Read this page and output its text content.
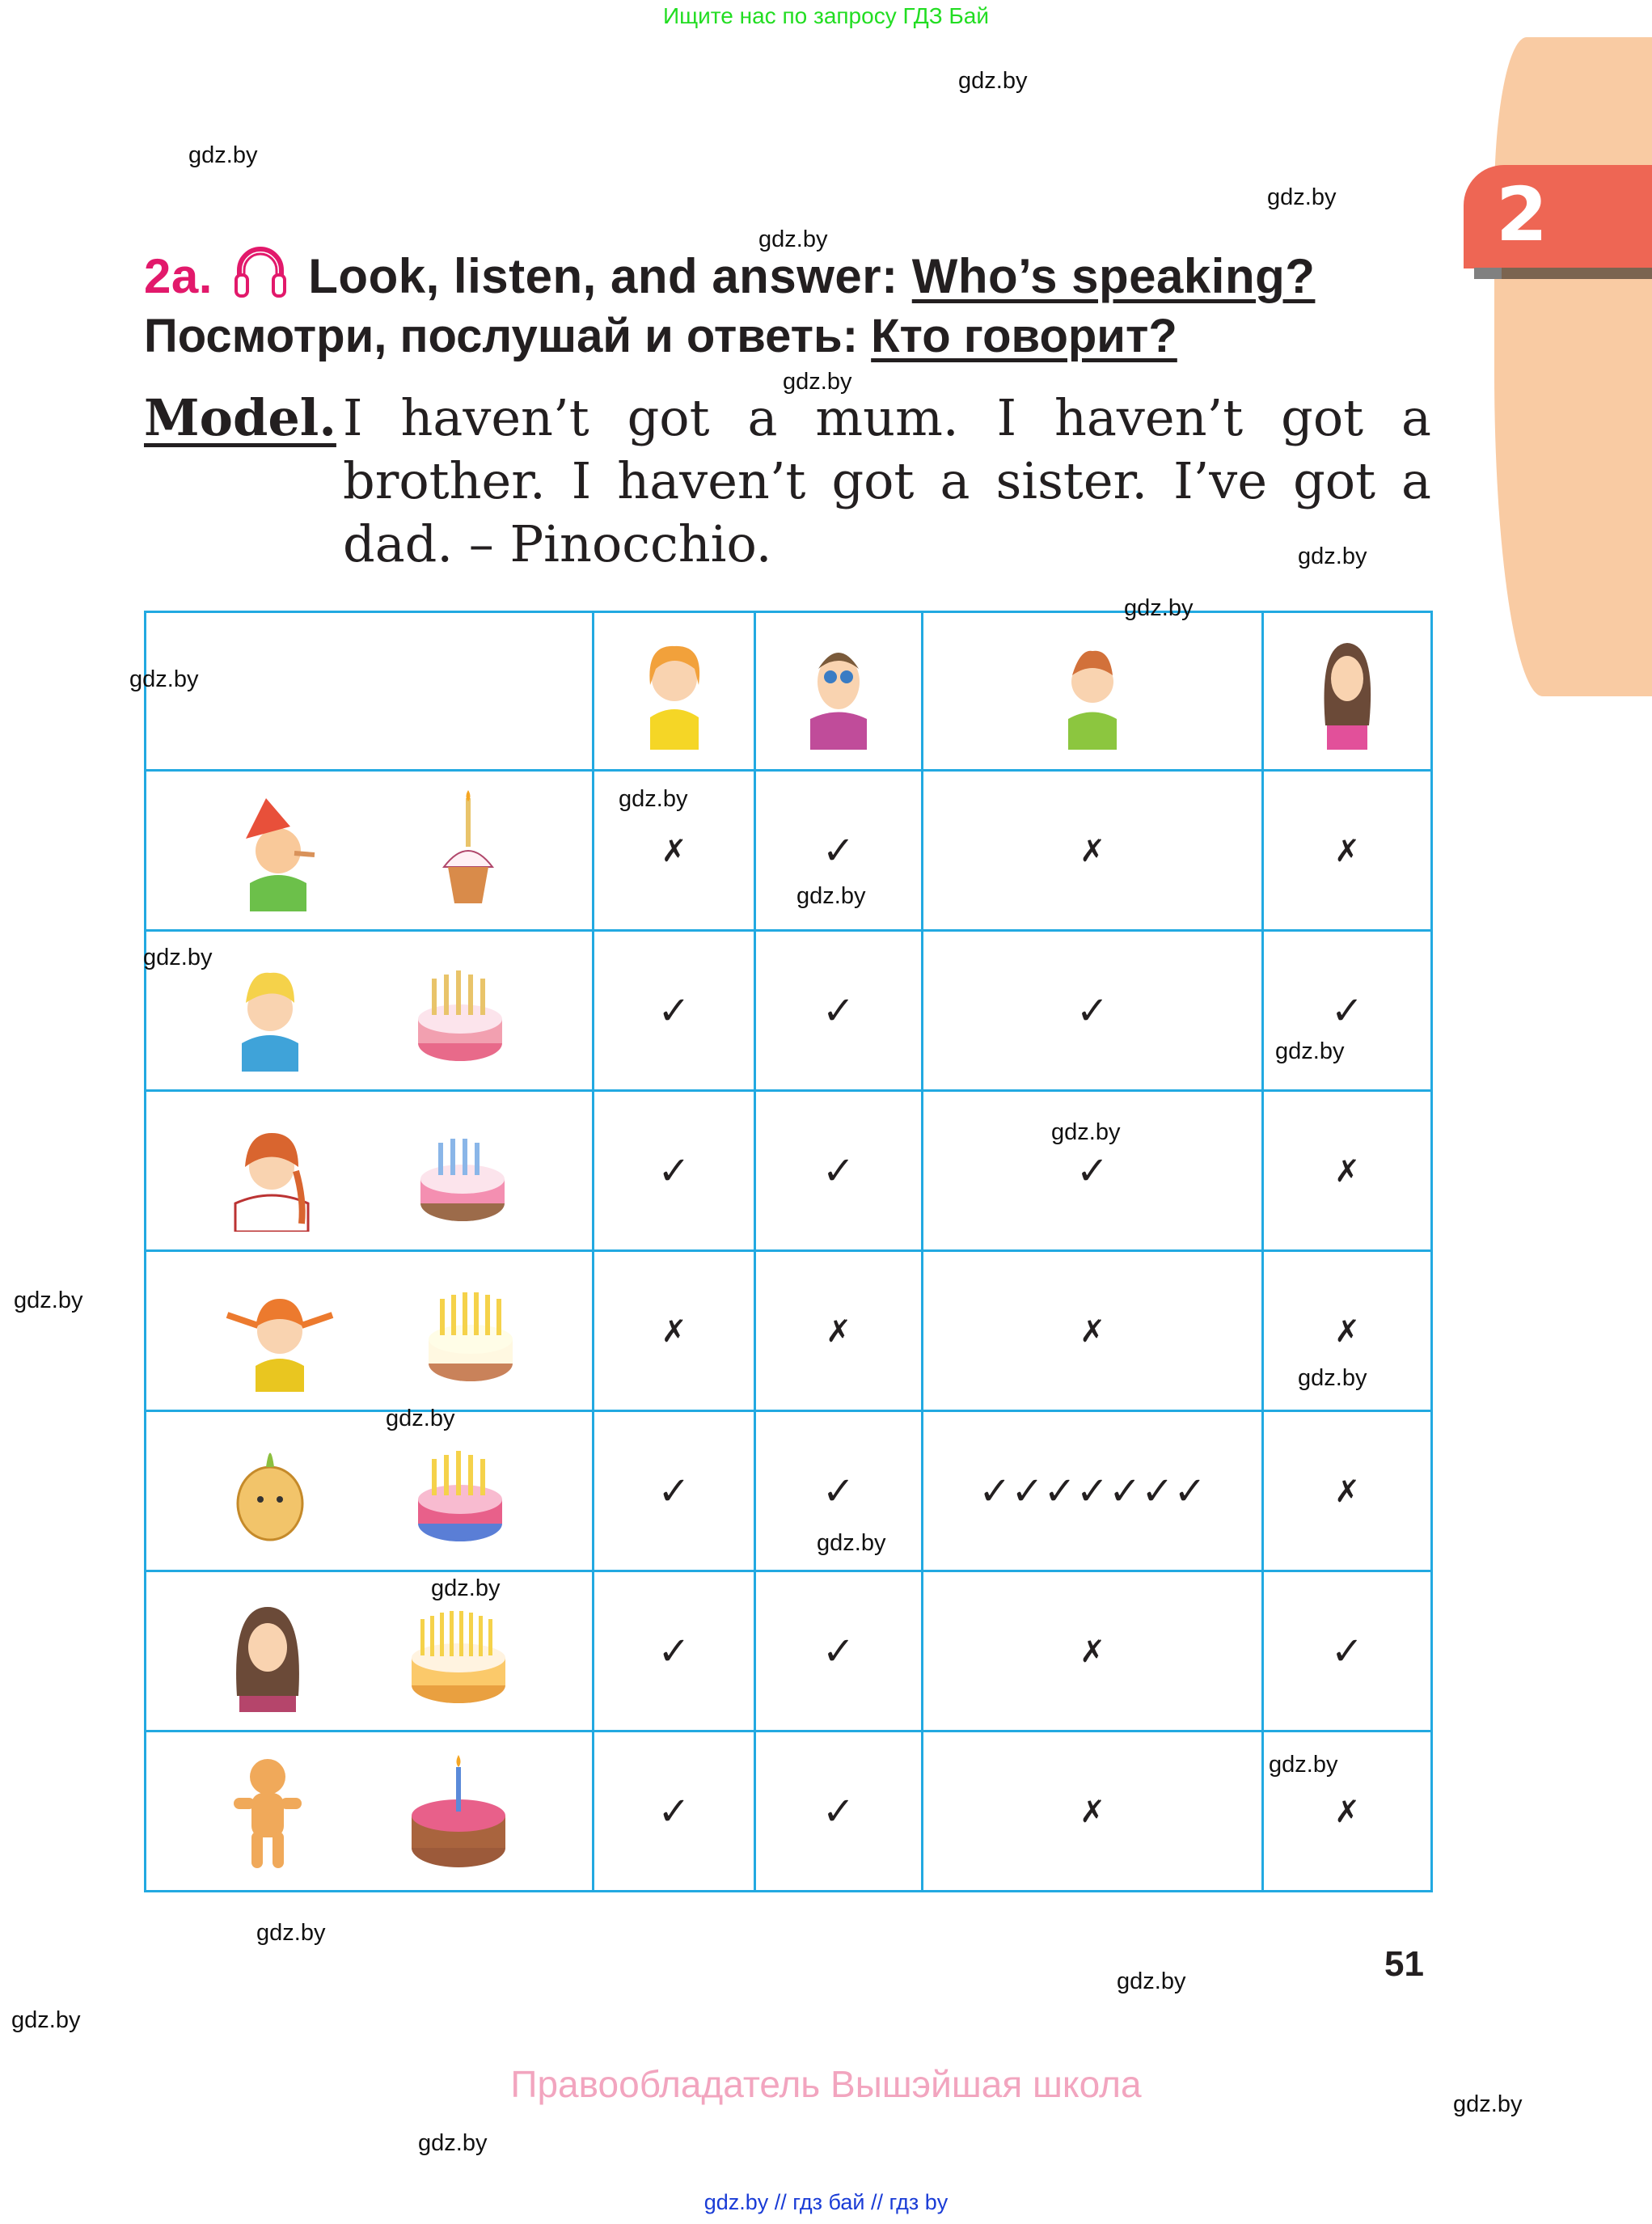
Ищите нас по запросу ГДЗ Бай
2
2a. Look, listen, and answer: Who’s speaking?
Посмотри, послушай и ответь: Кто говорит?
Model. I haven’t got a mum. I haven’t got a brother. I haven’t got a sister. I’ve got a dad. – Pinocchio.

	✗	✓	✗	✗

	✓	✓	✓	✓

	✓	✓	✓	✗

	✗	✗	✗	✗

	✓	✓	✓✓✓✓✓✓✓	✗

	✓	✓	✗	✓

	✓	✓	✗	✗
51
Правообладатель Вышэйшая школа
gdz.by // гдз бай // гдз by
gdz.by
gdz.by
gdz.by
gdz.by
gdz.by
gdz.by
gdz.by
gdz.by
gdz.by
gdz.by
gdz.by
gdz.by
gdz.by
gdz.by
gdz.by
gdz.by
gdz.by
gdz.by
gdz.by
gdz.by
gdz.by
gdz.by
gdz.by
gdz.by
